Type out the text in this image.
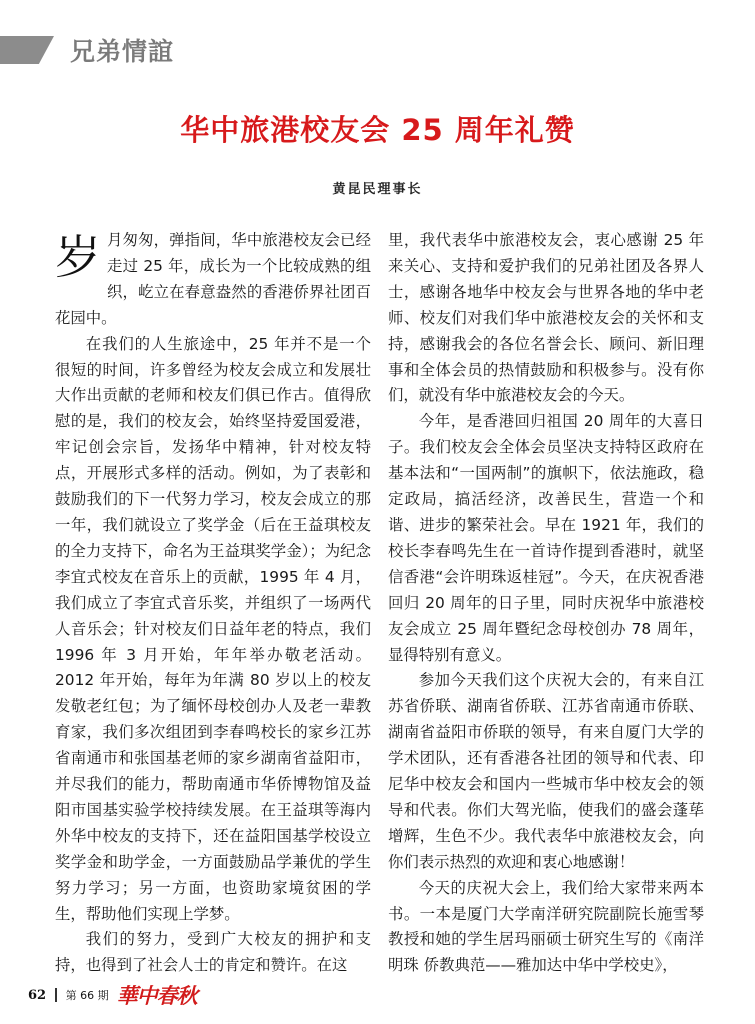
兄弟情誼
华中旅港校友会 25 周年礼赞
黄昆民理事长

岁月匆匆，弹指间，华中旅港校友会已经走过 25 年，成长为一个比较成熟的组织，屹立在春意盎然的香港侨界社团百花园中。

在我们的人生旅途中，25 年并不是一个很短的时间，许多曾经为校友会成立和发展壮大作出贡献的老师和校友们俱已作古。值得欣慰的是，我们的校友会，始终坚持爱国爱港，牢记创会宗旨，发扬华中精神，针对校友特点，开展形式多样的活动。例如，为了表彰和鼓励我们的下一代努力学习，校友会成立的那一年，我们就设立了奖学金（后在王益琪校友的全力支持下，命名为王益琪奖学金）；为纪念李宜式校友在音乐上的贡献，1995 年 4 月，我们成立了李宜式音乐奖，并组织了一场两代人音乐会；针对校友们日益年老的特点，我们 1996 年 3 月开始，年年举办敬老活动。2012 年开始，每年为年满 80 岁以上的校友发敬老红包；为了缅怀母校创办人及老一辈教育家，我们多次组团到李春鸣校长的家乡江苏省南通市和张国基老师的家乡湖南省益阳市，并尽我们的能力，帮助南通市华侨博物馆及益阳市国基实验学校持续发展。在王益琪等海内外华中校友的支持下，还在益阳国基学校设立奖学金和助学金，一方面鼓励品学兼优的学生努力学习；另一方面，也资助家境贫困的学生，帮助他们实现上学梦。

我们的努力，受到广大校友的拥护和支持，也得到了社会人士的肯定和赞许。在这

里，我代表华中旅港校友会，衷心感谢 25 年来关心、支持和爱护我们的兄弟社团及各界人士，感谢各地华中校友会与世界各地的华中老师、校友们对我们华中旅港校友会的关怀和支持，感谢我会的各位名誉会长、顾问、新旧理事和全体会员的热情鼓励和积极参与。没有你们，就没有华中旅港校友会的今天。

今年，是香港回归祖国 20 周年的大喜日子。我们校友会全体会员坚决支持特区政府在基本法和“一国两制”的旗帜下，依法施政，稳定政局，搞活经济，改善民生，营造一个和谐、进步的繁荣社会。早在 1921 年，我们的校长李春鸣先生在一首诗作提到香港时，就坚信香港“会许明珠返桂冠”。今天，在庆祝香港回归 20 周年的日子里，同时庆祝华中旅港校友会成立 25 周年暨纪念母校创办 78 周年，显得特别有意义。

参加今天我们这个庆祝大会的，有来自江苏省侨联、湖南省侨联、江苏省南通市侨联、湖南省益阳市侨联的领导，有来自厦门大学的学术团队，还有香港各社团的领导和代表、印尼华中校友会和国内一些城市华中校友会的领导和代表。你们大驾光临，使我们的盛会蓬荜增辉，生色不少。我代表华中旅港校友会，向你们表示热烈的欢迎和衷心地感谢！

今天的庆祝大会上，我们给大家带来两本书。一本是厦门大学南洋研究院副院长施雪琴教授和她的学生居玛丽硕士研究生写的《南洋明珠 侨教典范——雅加达中华中学校史》，

62 第 66 期 華中春秋
